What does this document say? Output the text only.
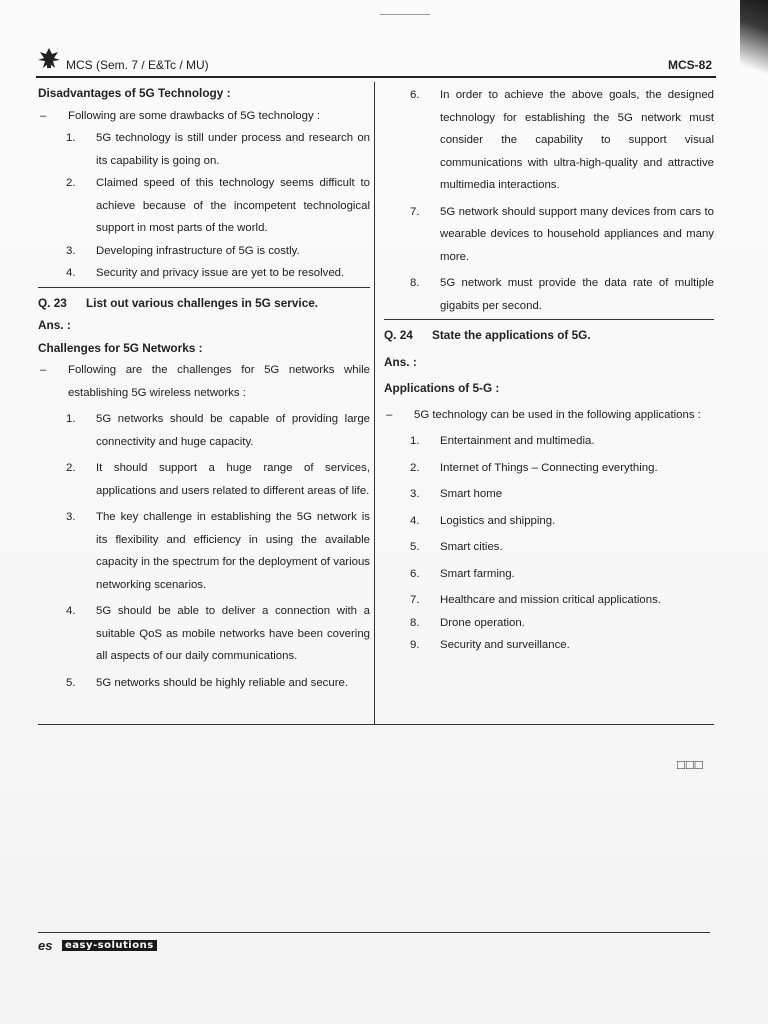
MCS (Sem. 7 / E&Tc / MU)	MCS-82

Disadvantages of 5G Technology :

–	Following are some drawbacks of 5G technology :
1.	5G technology is still under process and research on its capability is going on.
2.	Claimed speed of this technology seems difficult to achieve because of the incompetent technological support in most parts of the world.
3.	Developing infrastructure of 5G is costly.
4.	Security and privacy issue are yet to be resolved.
Q. 23	List out various challenges in 5G service.

Ans. :

Challenges for 5G Networks :

–	Following are the challenges for 5G networks while establishing 5G wireless networks :
1.	5G networks should be capable of providing large connectivity and huge capacity.
2.	It should support a huge range of services, applications and users related to different areas of life.
3.	The key challenge in establishing the 5G network is its flexibility and efficiency in using the available capacity in the spectrum for the deployment of various networking scenarios.
4.	5G should be able to deliver a connection with a suitable QoS as mobile networks have been covering all aspects of our daily communications.
5.	5G networks should be highly reliable and secure.
6.	In order to achieve the above goals, the designed technology for establishing the 5G network must consider the capability to support visual communications with ultra-high-quality and attractive multimedia interactions.
7.	5G network should support many devices from cars to wearable devices to household appliances and many more.
8.	5G network must provide the data rate of multiple gigabits per second.
Q. 24	State the applications of 5G.

Ans. :

Applications of 5-G :

–	5G technology can be used in the following applications :
1.	Entertainment and multimedia.
2.	Internet of Things – Connecting everything.
3.	Smart home
4.	Logistics and shipping.
5.	Smart cities.
6.	Smart farming.
7.	Healthcare and mission critical applications.
8.	Drone operation.
9.	Security and surveillance.
□□□
es	easy-solutions
